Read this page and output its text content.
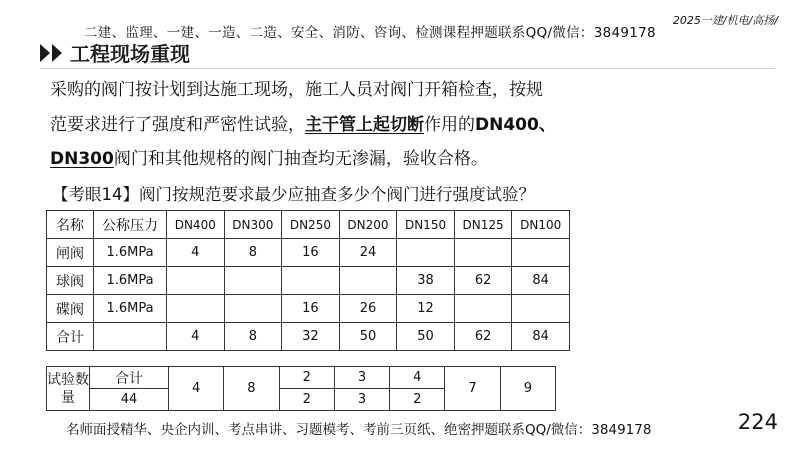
二建、监理、一建、一造、二造、安全、消防、咨询、检测课程押题联系QQ/微信：3849178
2025一建/机电/高扬/
工程现场重现
采购的阀门按计划到达施工现场，施工人员对阀门开箱检查，按规
范要求进行了强度和严密性试验，主干管上起切断作用的DN400、
DN300阀门和其他规格的阀门抽查均无渗漏，验收合格。
【考眼14】阀门按规范要求最少应抽查多少个阀门进行强度试验？
名称	公称压力	DN400	DN300	DN250	DN200	DN150	DN125	DN100
闸阀	1.6MPa	4	8	16	24			
球阀	1.6MPa					38	62	84
碟阀	1.6MPa			16	26	12		
合计		4	8	32	50	50	62	84
试验数量	合计	4	8	2	3	4	7	9
	44			2	3	2		
名师面授精华、央企内训、考点串讲、习题模考、考前三页纸、绝密押题联系QQ/微信：3849178	224
